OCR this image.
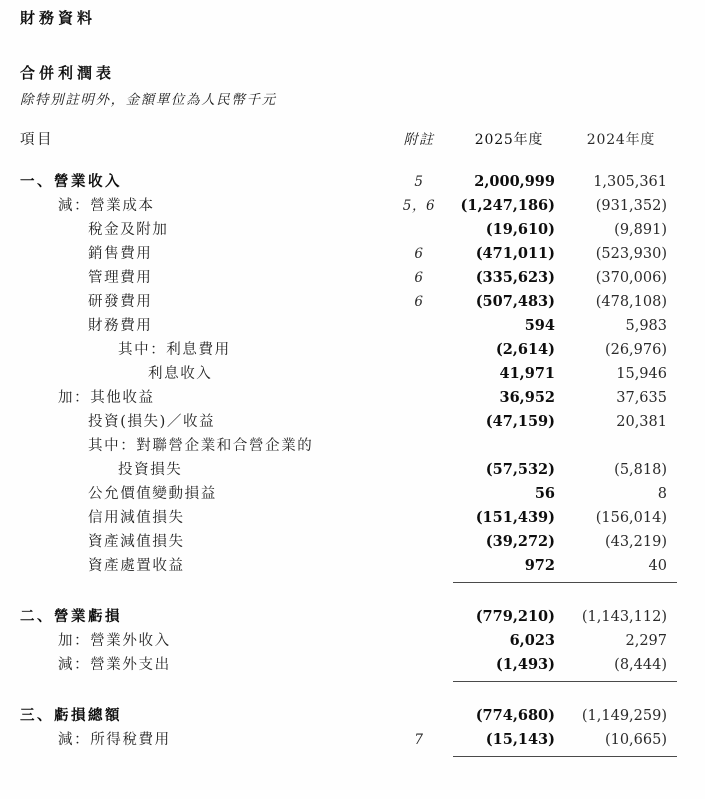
財務資料
合併利潤表
除特別註明外，金額單位為人民幣千元
項目	附註	2025年度	2024年度	

一、營業收入	5	2,000,999	1,305,361	
減：營業成本	5，6	(1,247,186)	(931,352)	
稅金及附加		(19,610)	(9,891)	
銷售費用	6	(471,011)	(523,930)	
管理費用	6	(335,623)	(370,006)	
研發費用	6	(507,483)	(478,108)	
財務費用		594	5,983	
其中：利息費用		(2,614)	(26,976)	
利息收入		41,971	15,946	
加：其他收益		36,952	37,635	
投資(損失)／收益		(47,159)	20,381	
其中：對聯營企業和合營企業的				
投資損失		(57,532)	(5,818)	
公允價值變動損益		56	8	
信用減值損失		(151,439)	(156,014)	
資產減值損失		(39,272)	(43,219)	
資產處置收益		972	40	

二、營業虧損		(779,210)	(1,143,112)	
加：營業外收入		6,023	2,297	
減：營業外支出		(1,493)	(8,444)	

三、虧損總額		(774,680)	(1,149,259)	
減：所得稅費用	7	(15,143)	(10,665)	
